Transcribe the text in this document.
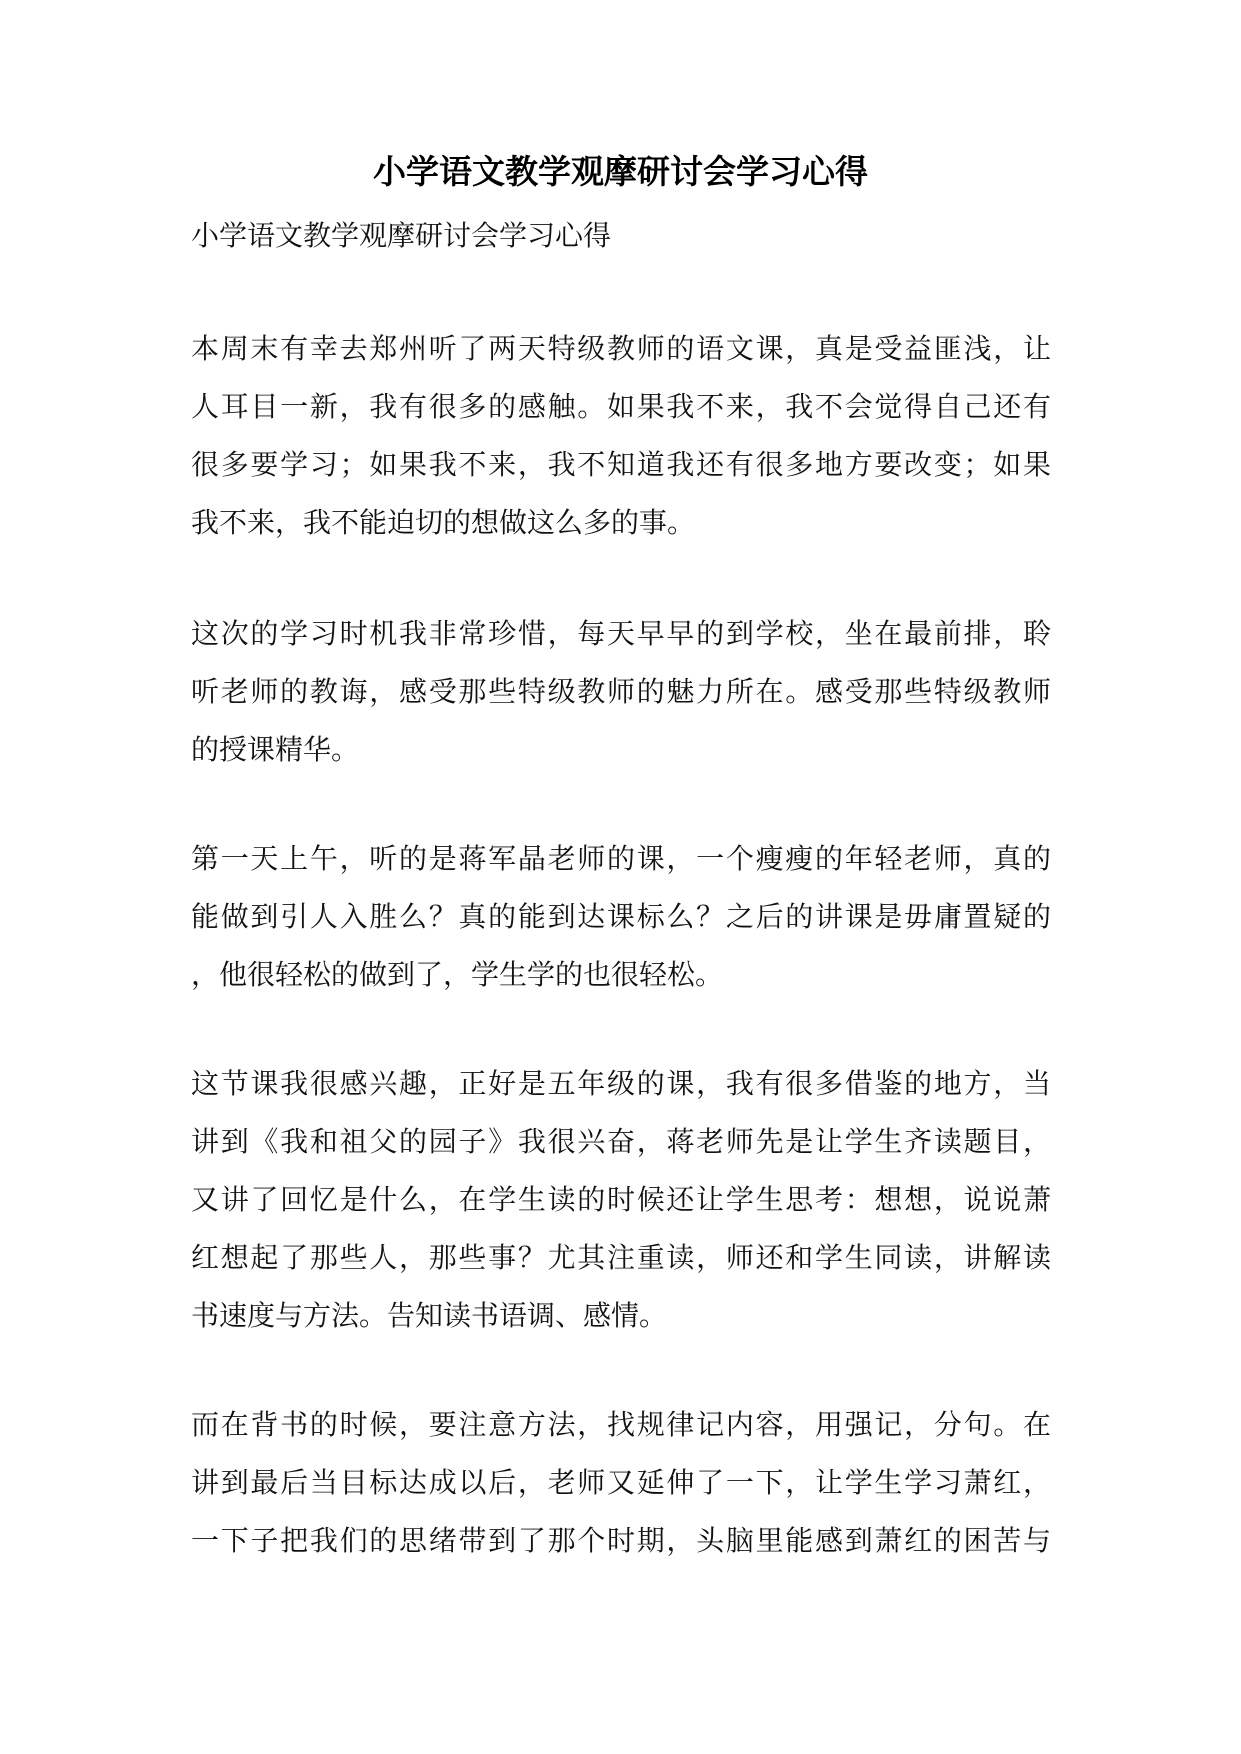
小学语文教学观摩研讨会学习心得

小学语文教学观摩研讨会学习心得

本周末有幸去郑州听了两天特级教师的语文课，真是受益匪浅，让
人耳目一新，我有很多的感触。如果我不来，我不会觉得自己还有
很多要学习；如果我不来，我不知道我还有很多地方要改变；如果
我不来，我不能迫切的想做这么多的事。

这次的学习时机我非常珍惜，每天早早的到学校，坐在最前排，聆
听老师的教诲，感受那些特级教师的魅力所在。感受那些特级教师
的授课精华。

第一天上午，听的是蒋军晶老师的课，一个瘦瘦的年轻老师，真的
能做到引人入胜么？真的能到达课标么？之后的讲课是毋庸置疑的
，他很轻松的做到了，学生学的也很轻松。

这节课我很感兴趣，正好是五年级的课，我有很多借鉴的地方，当
讲到《我和祖父的园子》我很兴奋，蒋老师先是让学生齐读题目，
又讲了回忆是什么，在学生读的时候还让学生思考：想想，说说萧
红想起了那些人，那些事？尤其注重读，师还和学生同读，讲解读
书速度与方法。告知读书语调、感情。

而在背书的时候，要注意方法，找规律记内容，用强记，分句。在
讲到最后当目标达成以后，老师又延伸了一下，让学生学习萧红，
一下子把我们的思绪带到了那个时期，头脑里能感到萧红的困苦与
